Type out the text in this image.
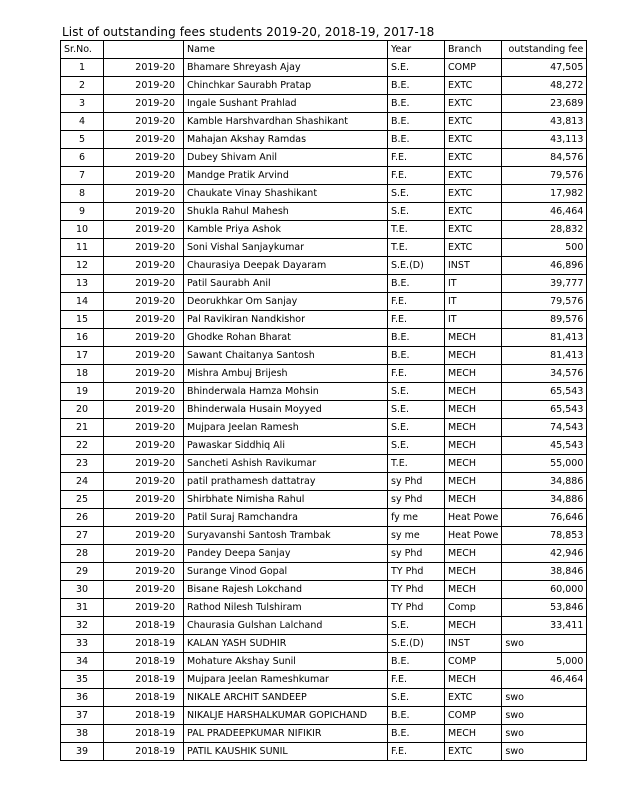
List of outstanding fees students 2019-20, 2018-19, 2017-18
Sr.No.		Name	Year	Branch	outstanding fee
1	2019-20	Bhamare Shreyash Ajay	S.E.	COMP	47,505
2	2019-20	Chinchkar Saurabh Pratap	B.E.	EXTC	48,272
3	2019-20	Ingale Sushant Prahlad	B.E.	EXTC	23,689
4	2019-20	Kamble Harshvardhan Shashikant	B.E.	EXTC	43,813
5	2019-20	Mahajan Akshay Ramdas	B.E.	EXTC	43,113
6	2019-20	Dubey Shivam Anil	F.E.	EXTC	84,576
7	2019-20	Mandge Pratik Arvind	F.E.	EXTC	79,576
8	2019-20	Chaukate Vinay Shashikant	S.E.	EXTC	17,982
9	2019-20	Shukla Rahul Mahesh	S.E.	EXTC	46,464
10	2019-20	Kamble Priya Ashok	T.E.	EXTC	28,832
11	2019-20	Soni Vishal Sanjaykumar	T.E.	EXTC	500
12	2019-20	Chaurasiya Deepak Dayaram	S.E.(D)	INST	46,896
13	2019-20	Patil Saurabh Anil	B.E.	IT	39,777
14	2019-20	Deorukhkar Om Sanjay	F.E.	IT	79,576
15	2019-20	Pal Ravikiran Nandkishor	F.E.	IT	89,576
16	2019-20	Ghodke Rohan Bharat	B.E.	MECH	81,413
17	2019-20	Sawant Chaitanya Santosh	B.E.	MECH	81,413
18	2019-20	Mishra Ambuj Brijesh	F.E.	MECH	34,576
19	2019-20	Bhinderwala Hamza Mohsin	S.E.	MECH	65,543
20	2019-20	Bhinderwala Husain Moyyed	S.E.	MECH	65,543
21	2019-20	Mujpara Jeelan Ramesh	S.E.	MECH	74,543
22	2019-20	Pawaskar Siddhiq Ali	S.E.	MECH	45,543
23	2019-20	Sancheti Ashish Ravikumar	T.E.	MECH	55,000
24	2019-20	patil prathamesh dattatray	sy Phd	MECH	34,886
25	2019-20	Shirbhate Nimisha Rahul	sy Phd	MECH	34,886
26	2019-20	Patil Suraj Ramchandra	fy me	Heat Powe	76,646
27	2019-20	Suryavanshi Santosh Trambak	sy me	Heat Powe	78,853
28	2019-20	Pandey Deepa Sanjay	sy Phd	MECH	42,946
29	2019-20	Surange Vinod Gopal	TY Phd	MECH	38,846
30	2019-20	Bisane Rajesh Lokchand	TY Phd	MECH	60,000
31	2019-20	Rathod Nilesh Tulshiram	TY Phd	Comp	53,846
32	2018-19	Chaurasia Gulshan Lalchand	S.E.	MECH	33,411
33	2018-19	KALAN YASH SUDHIR	S.E.(D)	INST	swo
34	2018-19	Mohature Akshay Sunil	B.E.	COMP	5,000
35	2018-19	Mujpara Jeelan Rameshkumar	F.E.	MECH	46,464
36	2018-19	NIKALE ARCHIT SANDEEP	S.E.	EXTC	swo
37	2018-19	NIKALJE HARSHALKUMAR GOPICHAND	B.E.	COMP	swo
38	2018-19	PAL PRADEEPKUMAR NIFIKIR	B.E.	MECH	swo
39	2018-19	PATIL KAUSHIK SUNIL	F.E.	EXTC	swo
